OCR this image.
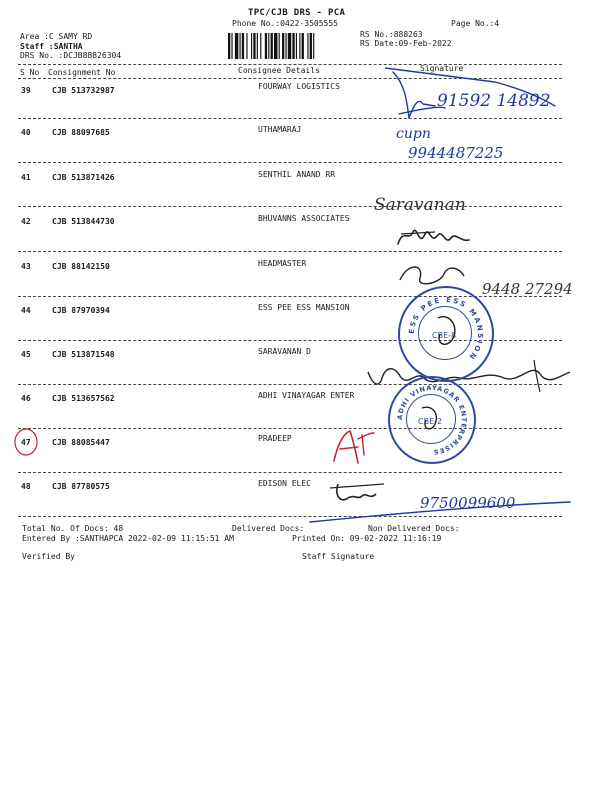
TPC/CJB DRS - PCA
Phone No.:0422-3505555	Page No.:4
Area :C SAMY RD
Staff :SANTHA
DRS No. :DCJB88826304
RS No.:888263
RS Date:09-Feb-2022
S No Consignment No	Consignee Details	Signature
39	CJB 513732987	FOURWAY LOGISTICS
40	CJB 88097685	UTHAMARAJ
41	CJB 513871426	SENTHIL ANAND RR
42	CJB 513844730	BHUVANNS ASSOCIATES
43	CJB 88142150	HEADMASTER
44	CJB 87970394	ESS PEE ESS MANSION
45	CJB 513871548	SARAVANAN D
46	CJB 513657562	ADHI VINAYAGAR ENTER
47	CJB 88085447	PRADEEP
48	CJB 87780575	EDISON ELEC
91592 14892
cupn
9944487225
Saravanan
9448 27294
ESS PEE ESS MANSION
CBE-8
ADHI VINAYAGAR ENTERPRISES
CBE-2
9750099600
Total No. Of Docs: 48	Delivered Docs:	Non Delivered Docs:
Entered By :SANTHAPCA 2022-02-09 11:15:51 AM	Printed On: 09-02-2022 11:16:19
Verified By	Staff Signature
